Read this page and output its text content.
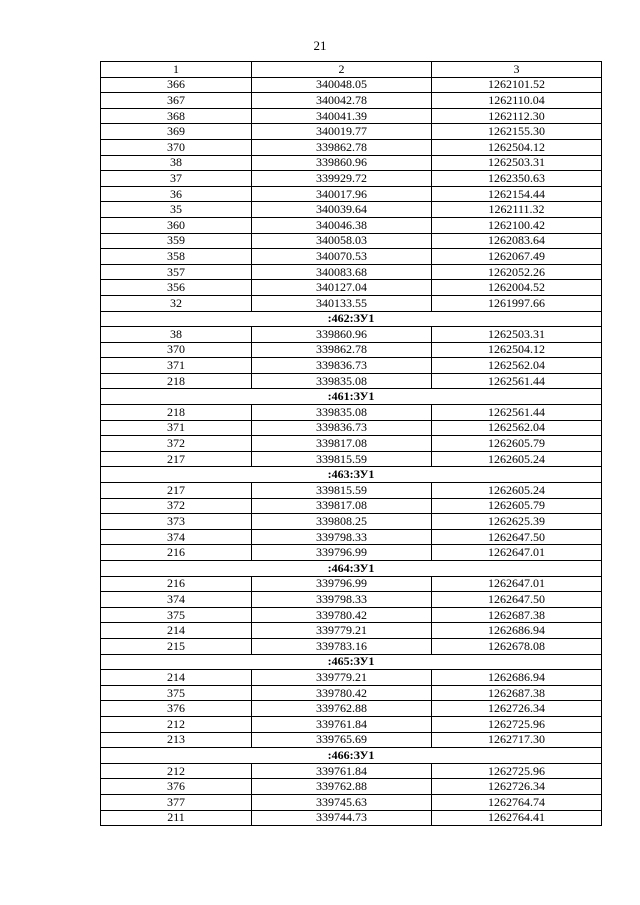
21
1	2	3
366	340048.05	1262101.52
367	340042.78	1262110.04
368	340041.39	1262112.30
369	340019.77	1262155.30
370	339862.78	1262504.12
38	339860.96	1262503.31
37	339929.72	1262350.63
36	340017.96	1262154.44
35	340039.64	1262111.32
360	340046.38	1262100.42
359	340058.03	1262083.64
358	340070.53	1262067.49
357	340083.68	1262052.26
356	340127.04	1262004.52
32	340133.55	1261997.66
:462:ЗУ1		
38	339860.96	1262503.31
370	339862.78	1262504.12
371	339836.73	1262562.04
218	339835.08	1262561.44
:461:ЗУ1		
218	339835.08	1262561.44
371	339836.73	1262562.04
372	339817.08	1262605.79
217	339815.59	1262605.24
:463:ЗУ1		
217	339815.59	1262605.24
372	339817.08	1262605.79
373	339808.25	1262625.39
374	339798.33	1262647.50
216	339796.99	1262647.01
:464:ЗУ1		
216	339796.99	1262647.01
374	339798.33	1262647.50
375	339780.42	1262687.38
214	339779.21	1262686.94
215	339783.16	1262678.08
:465:ЗУ1		
214	339779.21	1262686.94
375	339780.42	1262687.38
376	339762.88	1262726.34
212	339761.84	1262725.96
213	339765.69	1262717.30
:466:ЗУ1		
212	339761.84	1262725.96
376	339762.88	1262726.34
377	339745.63	1262764.74
211	339744.73	1262764.41
